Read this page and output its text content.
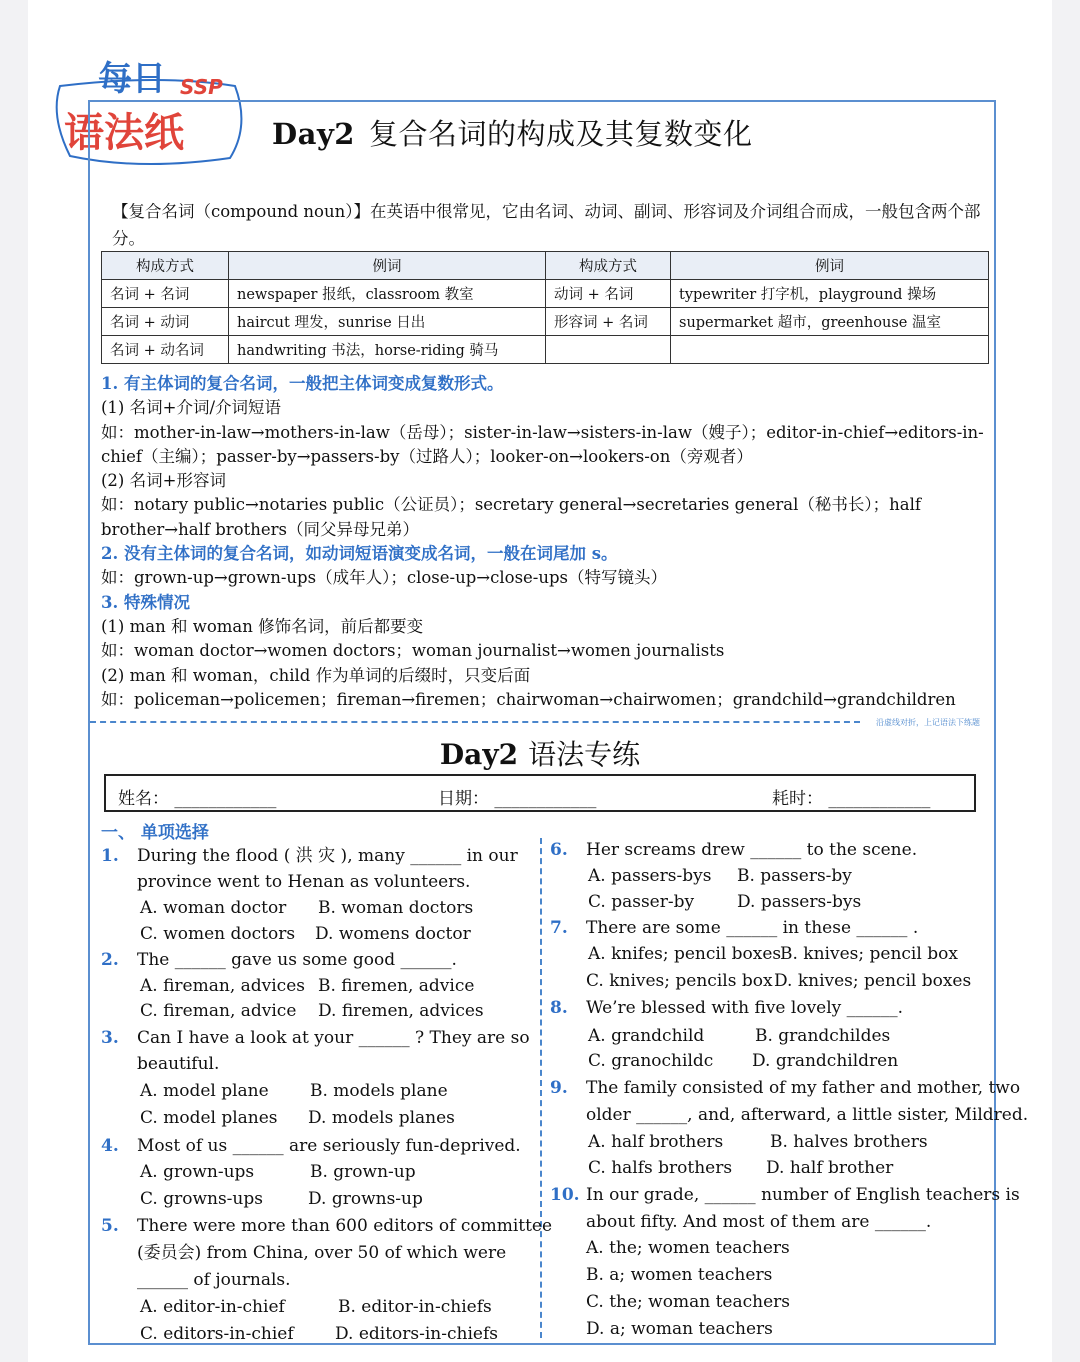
每日 SSP
语法纸	Day2 复合名词的构成及其复数变化
【复合名词（compound noun）】在英语中很常见，它由名词、动词、副词、形容词及介词组合而成，一般包含两个部分。
构成方式	例词	构成方式	例词
名词 + 名词	newspaper 报纸，classroom 教室	动词 + 名词	typewriter 打字机，playground 操场
名词 + 动词	haircut 理发，sunrise 日出	形容词 + 名词	supermarket 超市，greenhouse 温室
名词 + 动名词	handwriting 书法，horse-riding 骑马		
1. 有主体词的复合名词，一般把主体词变成复数形式。
(1) 名词+介词/介词短语
如：mother-in-law→mothers-in-law（岳母）；sister-in-law→sisters-in-law（嫂子）；editor-in-chief→editors-in-chief（主编）；passer-by→passers-by（过路人）；looker-on→lookers-on（旁观者）
(2) 名词+形容词
如：notary public→notaries public（公证员）；secretary general→secretaries general（秘书长）；half brother→half brothers（同父异母兄弟）
2. 没有主体词的复合名词，如动词短语演变成名词，一般在词尾加 s。
如：grown-up→grown-ups（成年人）；close-up→close-ups（特写镜头）
3. 特殊情况
(1) man 和 woman 修饰名词，前后都要变
如：woman doctor→women doctors；woman journalist→women journalists
(2) man 和 woman，child 作为单词的后缀时，只变后面
如：policeman→policemen；fireman→firemen；chairwoman→chairwomen；grandchild→grandchildren
沿虚线对折，上记语法下练题
Day2 语法专练
姓名： ____________	日期： ____________	耗时： ____________
一、 单项选择
1. During the flood ( 洪 灾 ), many ______ in our
province went to Henan as volunteers.
A. woman doctor B. woman doctors
C. women doctors D. womens doctor
2. The ______ gave us some good ______.
A. fireman, advices B. firemen, advice
C. fireman, advice D. firemen, advices
3. Can I have a look at your ______ ? They are so
beautiful.
A. model plane B. models plane
C. model planes D. models planes
4. Most of us ______ are seriously fun-deprived.
A. grown-ups	B. grown-up
C. growns-ups	D. growns-up
5. There were more than 600 editors of committee
(委员会) from China, over 50 of which were
______ of journals.
A. editor-in-chief	B. editor-in-chiefs
C. editors-in-chief D. editors-in-chiefs
6. Her screams drew ______ to the scene.
A. passers-bys B. passers-by
C. passer-by	D. passers-bys
7. There are some ______ in these ______ .
A. knifes; pencil boxes
B. knives; pencil box
C. knives; pencils box D. knives; pencil boxes
8. We’re blessed with five lovely ______.
A. grandchild	B. grandchildes
C. granochildc D. grandchildren
9. The family consisted of my father and mother, two
older ______, and, afterward, a little sister, Mildred.
A. half brothers	B. halves brothers
C. halfs brothers D. half brother
10. In our grade, ______ number of English teachers is
about fifty. And most of them are ______.
A. the; women teachers
B. a; women teachers
C. the; woman teachers
D. a; woman teachers
